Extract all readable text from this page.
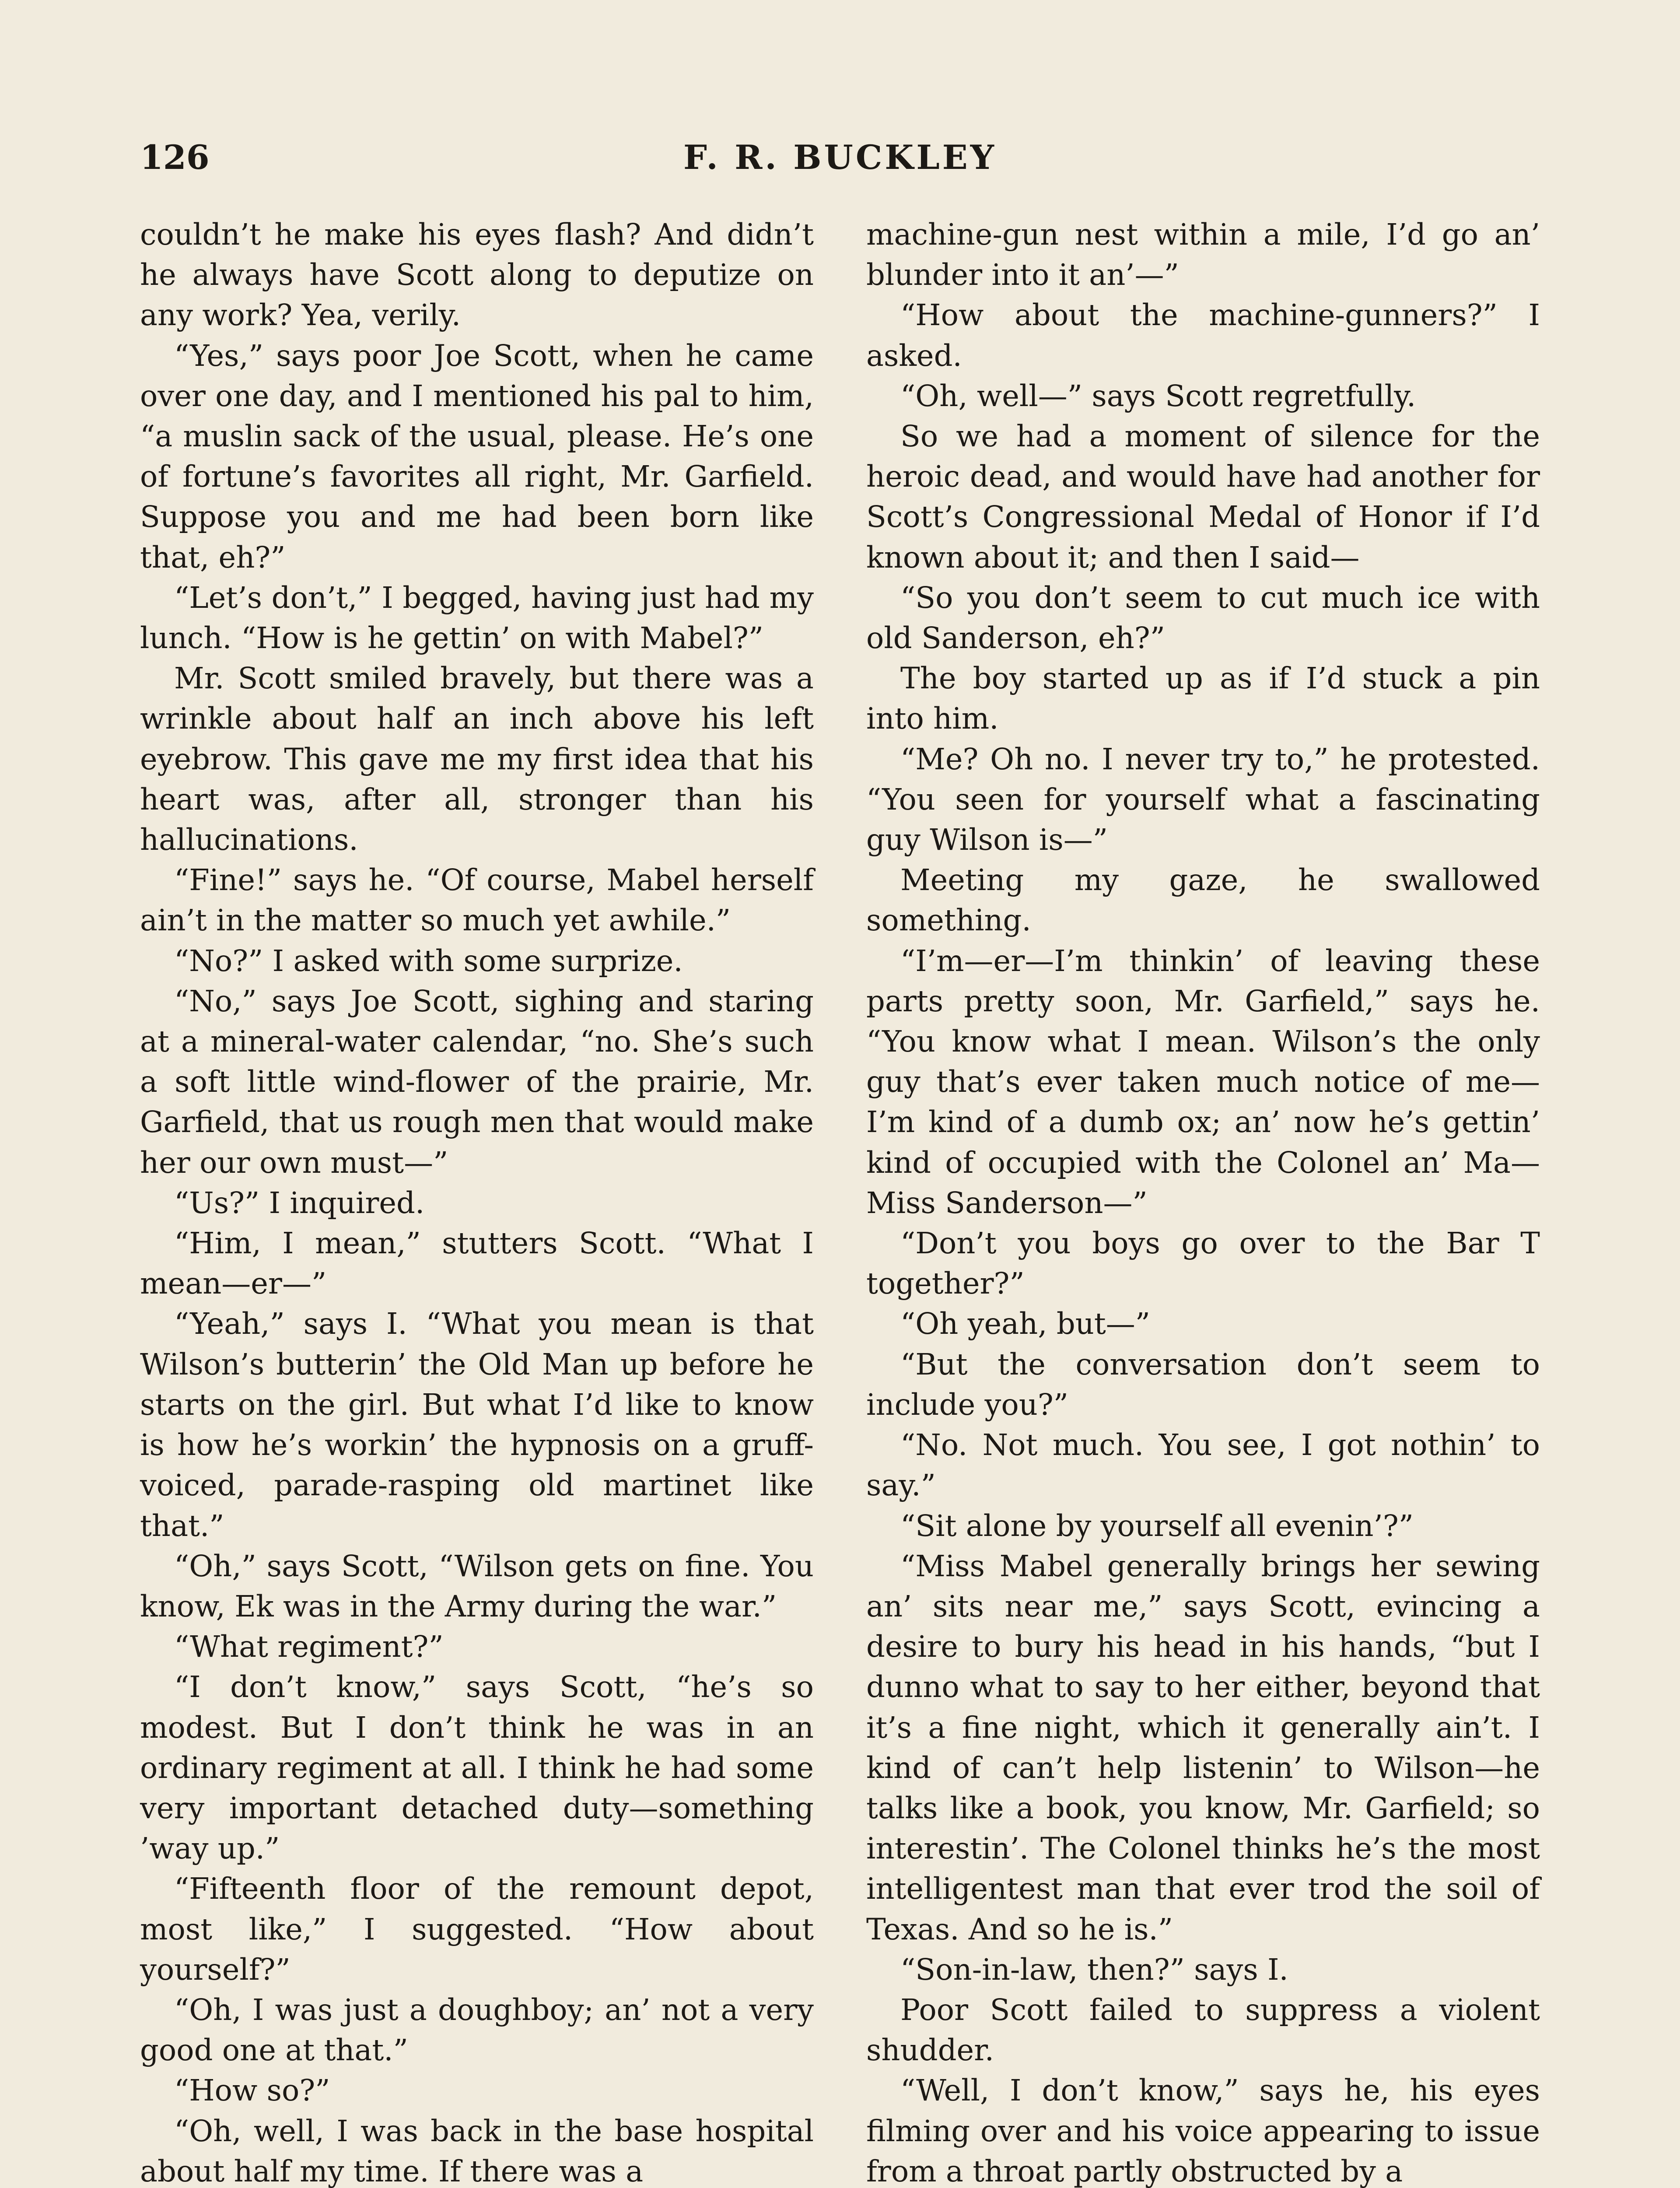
126	F. R. BUCKLEY

couldn’t he make his eyes flash? And didn’t he always have Scott along to deputize on any work? Yea, verily.

“Yes,” says poor Joe Scott, when he came over one day, and I mentioned his pal to him, “a muslin sack of the usual, please. He’s one of fortune’s favorites all right, Mr. Garfield. Suppose you and me had been born like that, eh?”

“Let’s don’t,” I begged, having just had my lunch. “How is he gettin’ on with Mabel?”

Mr. Scott smiled bravely, but there was a wrinkle about half an inch above his left eyebrow. This gave me my first idea that his heart was, after all, stronger than his hallucinations.

“Fine!” says he. “Of course, Mabel herself ain’t in the matter so much yet awhile.”

“No?” I asked with some surprize.

“No,” says Joe Scott, sighing and staring at a mineral-water calendar, “no. She’s such a soft little wind-flower of the prairie, Mr. Garfield, that us rough men that would make her our own must—”

“Us?” I inquired.

“Him, I mean,” stutters Scott. “What I mean—er—”

“Yeah,” says I. “What you mean is that Wilson’s butterin’ the Old Man up before he starts on the girl. But what I’d like to know is how he’s workin’ the hypnosis on a gruff-voiced, parade-rasping old martinet like that.”

“Oh,” says Scott, “Wilson gets on fine. You know, Ek was in the Army during the war.”

“What regiment?”

“I don’t know,” says Scott, “he’s so modest. But I don’t think he was in an ordinary regiment at all. I think he had some very important detached duty—something ’way up.”

“Fifteenth floor of the remount depot, most like,” I suggested. “How about yourself?”

“Oh, I was just a doughboy; an’ not a very good one at that.”

“How so?”

“Oh, well, I was back in the base hospital about half my time. If there was a

machine-gun nest within a mile, I’d go an’ blunder into it an’—”

“How about the machine-gunners?” I asked.

“Oh, well—” says Scott regretfully.

So we had a moment of silence for the heroic dead, and would have had another for Scott’s Congressional Medal of Honor if I’d known about it; and then I said—

“So you don’t seem to cut much ice with old Sanderson, eh?”

The boy started up as if I’d stuck a pin into him.

“Me? Oh no. I never try to,” he protested. “You seen for yourself what a fascinating guy Wilson is—”

Meeting my gaze, he swallowed something.

“I’m—er—I’m thinkin’ of leaving these parts pretty soon, Mr. Garfield,” says he. “You know what I mean. Wilson’s the only guy that’s ever taken much notice of me—I’m kind of a dumb ox; an’ now he’s gettin’ kind of occupied with the Colonel an’ Ma—Miss Sanderson—”

“Don’t you boys go over to the Bar T together?”

“Oh yeah, but—”

“But the conversation don’t seem to include you?”

“No. Not much. You see, I got nothin’ to say.”

“Sit alone by yourself all evenin’?”

“Miss Mabel generally brings her sewing an’ sits near me,” says Scott, evincing a desire to bury his head in his hands, “but I dunno what to say to her either, beyond that it’s a fine night, which it generally ain’t. I kind of can’t help listenin’ to Wilson—he talks like a book, you know, Mr. Garfield; so interestin’. The Colonel thinks he’s the most intelligentest man that ever trod the soil of Texas. And so he is.”

“Son-in-law, then?” says I.

Poor Scott failed to suppress a violent shudder.

“Well, I don’t know,” says he, his eyes filming over and his voice appearing to issue from a throat partly obstructed by a
